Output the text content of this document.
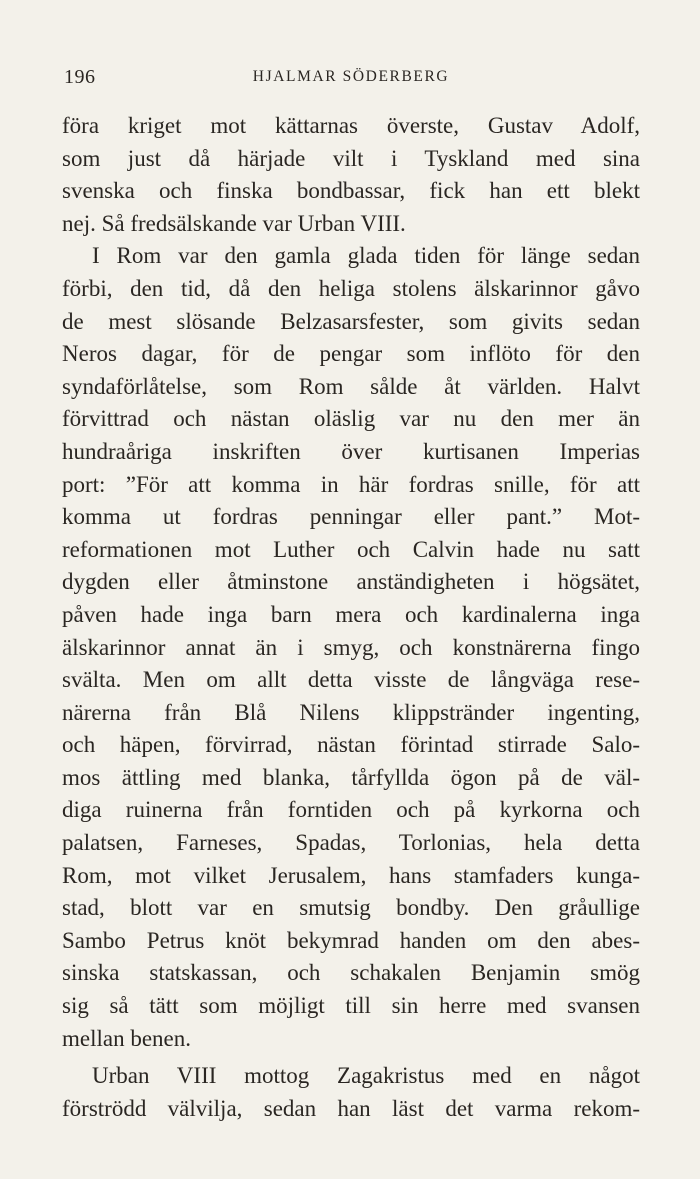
196	HJALMAR SÖDERBERG
föra kriget mot kättarnas överste, Gustav Adolf,
som just då härjade vilt i Tyskland med sina
svenska och finska bondbassar, fick han ett blekt
nej. Så fredsälskande var Urban VIII.
I Rom var den gamla glada tiden för länge sedan
förbi, den tid, då den heliga stolens älskarinnor gåvo
de mest slösande Belzasarsfester, som givits sedan
Neros dagar, för de pengar som inflöto för den
syndaförlåtelse, som Rom sålde åt världen. Halvt
förvittrad och nästan oläslig var nu den mer än
hundraåriga inskriften över kurtisanen Imperias
port: ”För att komma in här fordras snille, för att
komma ut fordras penningar eller pant.” Mot-
reformationen mot Luther och Calvin hade nu satt
dygden eller åtminstone anständigheten i högsätet,
påven hade inga barn mera och kardinalerna inga
älskarinnor annat än i smyg, och konstnärerna fingo
svälta. Men om allt detta visste de långväga rese-
närerna från Blå Nilens klippstränder ingenting,
och häpen, förvirrad, nästan förintad stirrade Salo-
mos ättling med blanka, tårfyllda ögon på de väl-
diga ruinerna från forntiden och på kyrkorna och
palatsen, Farneses, Spadas, Torlonias, hela detta
Rom, mot vilket Jerusalem, hans stamfaders kunga-
stad, blott var en smutsig bondby. Den gråullige
Sambo Petrus knöt bekymrad handen om den abes-
sinska statskassan, och schakalen Benjamin smög
sig så tätt som möjligt till sin herre med svansen
mellan benen.
Urban VIII mottog Zagakristus med en något
förströdd välvilja, sedan han läst det varma rekom-
